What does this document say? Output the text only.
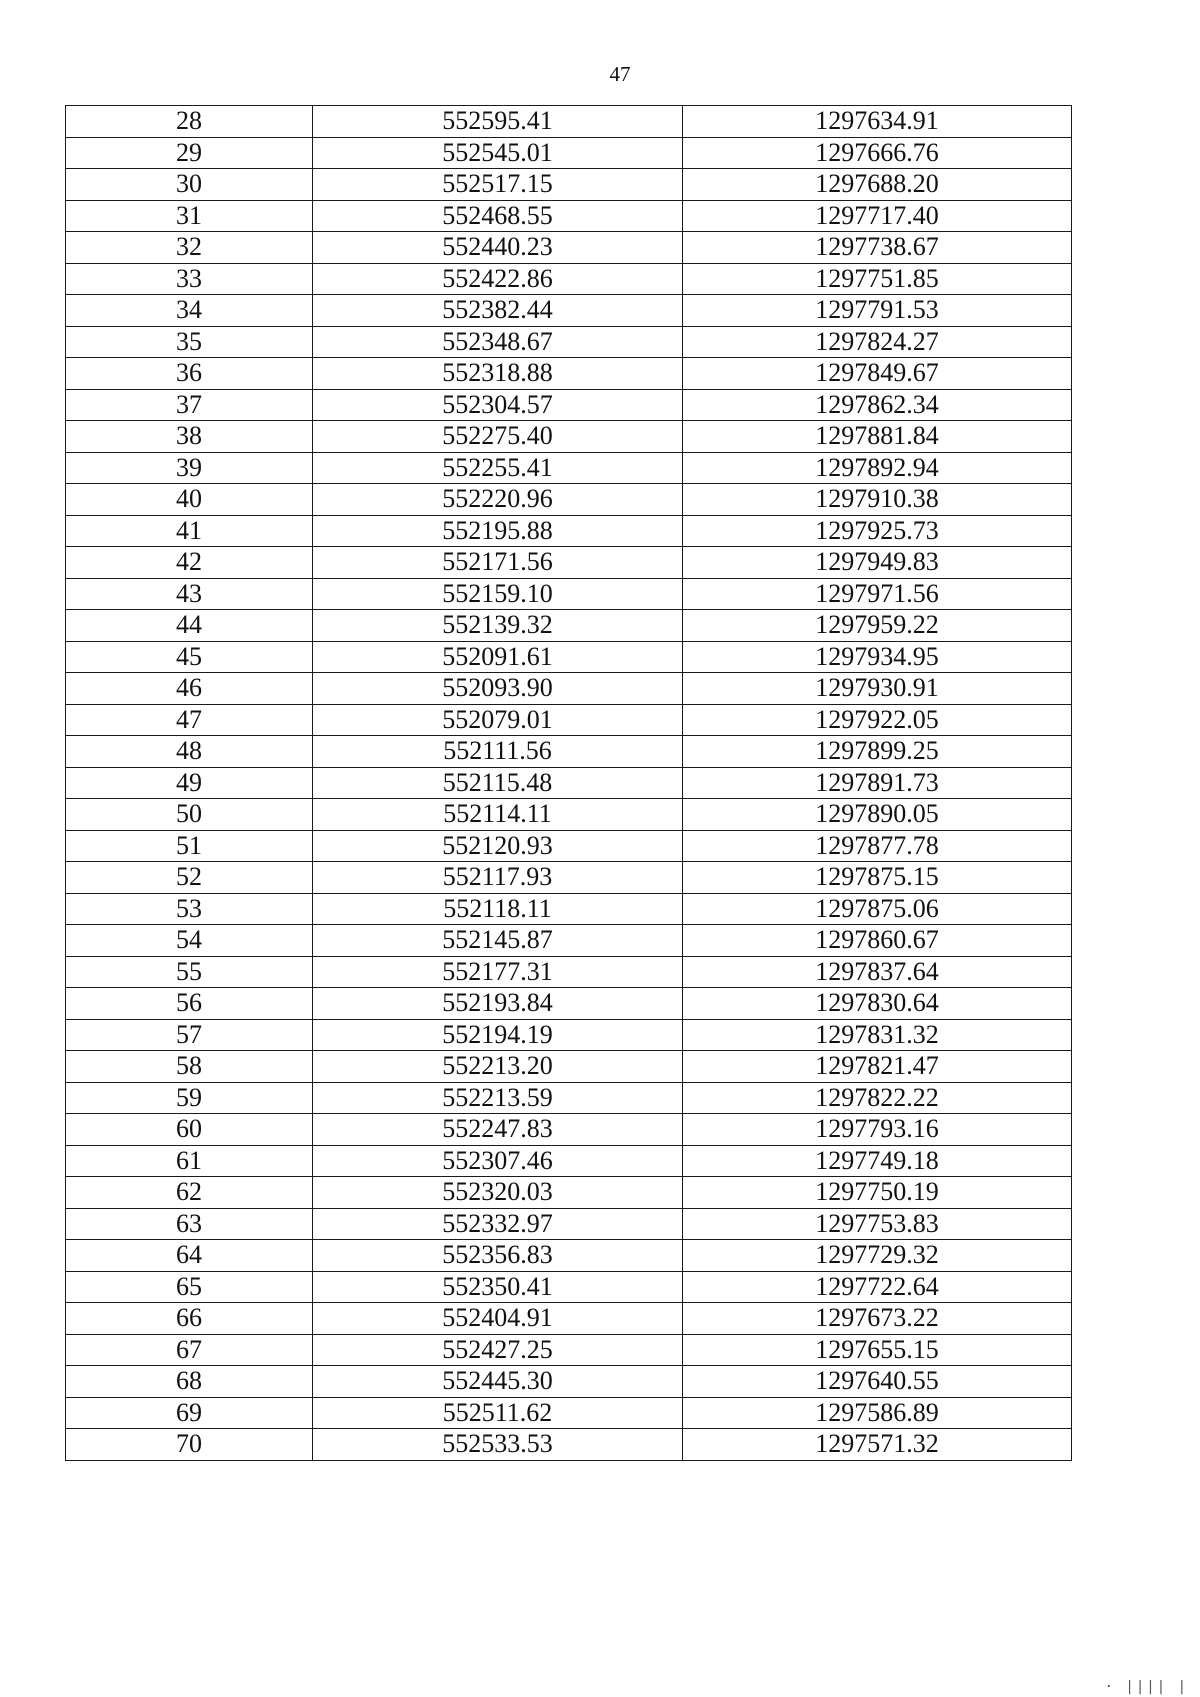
47
28	552595.41	1297634.91
29	552545.01	1297666.76
30	552517.15	1297688.20
31	552468.55	1297717.40
32	552440.23	1297738.67
33	552422.86	1297751.85
34	552382.44	1297791.53
35	552348.67	1297824.27
36	552318.88	1297849.67
37	552304.57	1297862.34
38	552275.40	1297881.84
39	552255.41	1297892.94
40	552220.96	1297910.38
41	552195.88	1297925.73
42	552171.56	1297949.83
43	552159.10	1297971.56
44	552139.32	1297959.22
45	552091.61	1297934.95
46	552093.90	1297930.91
47	552079.01	1297922.05
48	552111.56	1297899.25
49	552115.48	1297891.73
50	552114.11	1297890.05
51	552120.93	1297877.78
52	552117.93	1297875.15
53	552118.11	1297875.06
54	552145.87	1297860.67
55	552177.31	1297837.64
56	552193.84	1297830.64
57	552194.19	1297831.32
58	552213.20	1297821.47
59	552213.59	1297822.22
60	552247.83	1297793.16
61	552307.46	1297749.18
62	552320.03	1297750.19
63	552332.97	1297753.83
64	552356.83	1297729.32
65	552350.41	1297722.64
66	552404.91	1297673.22
67	552427.25	1297655.15
68	552445.30	1297640.55
69	552511.62	1297586.89
70	552533.53	1297571.32
· |||| |
